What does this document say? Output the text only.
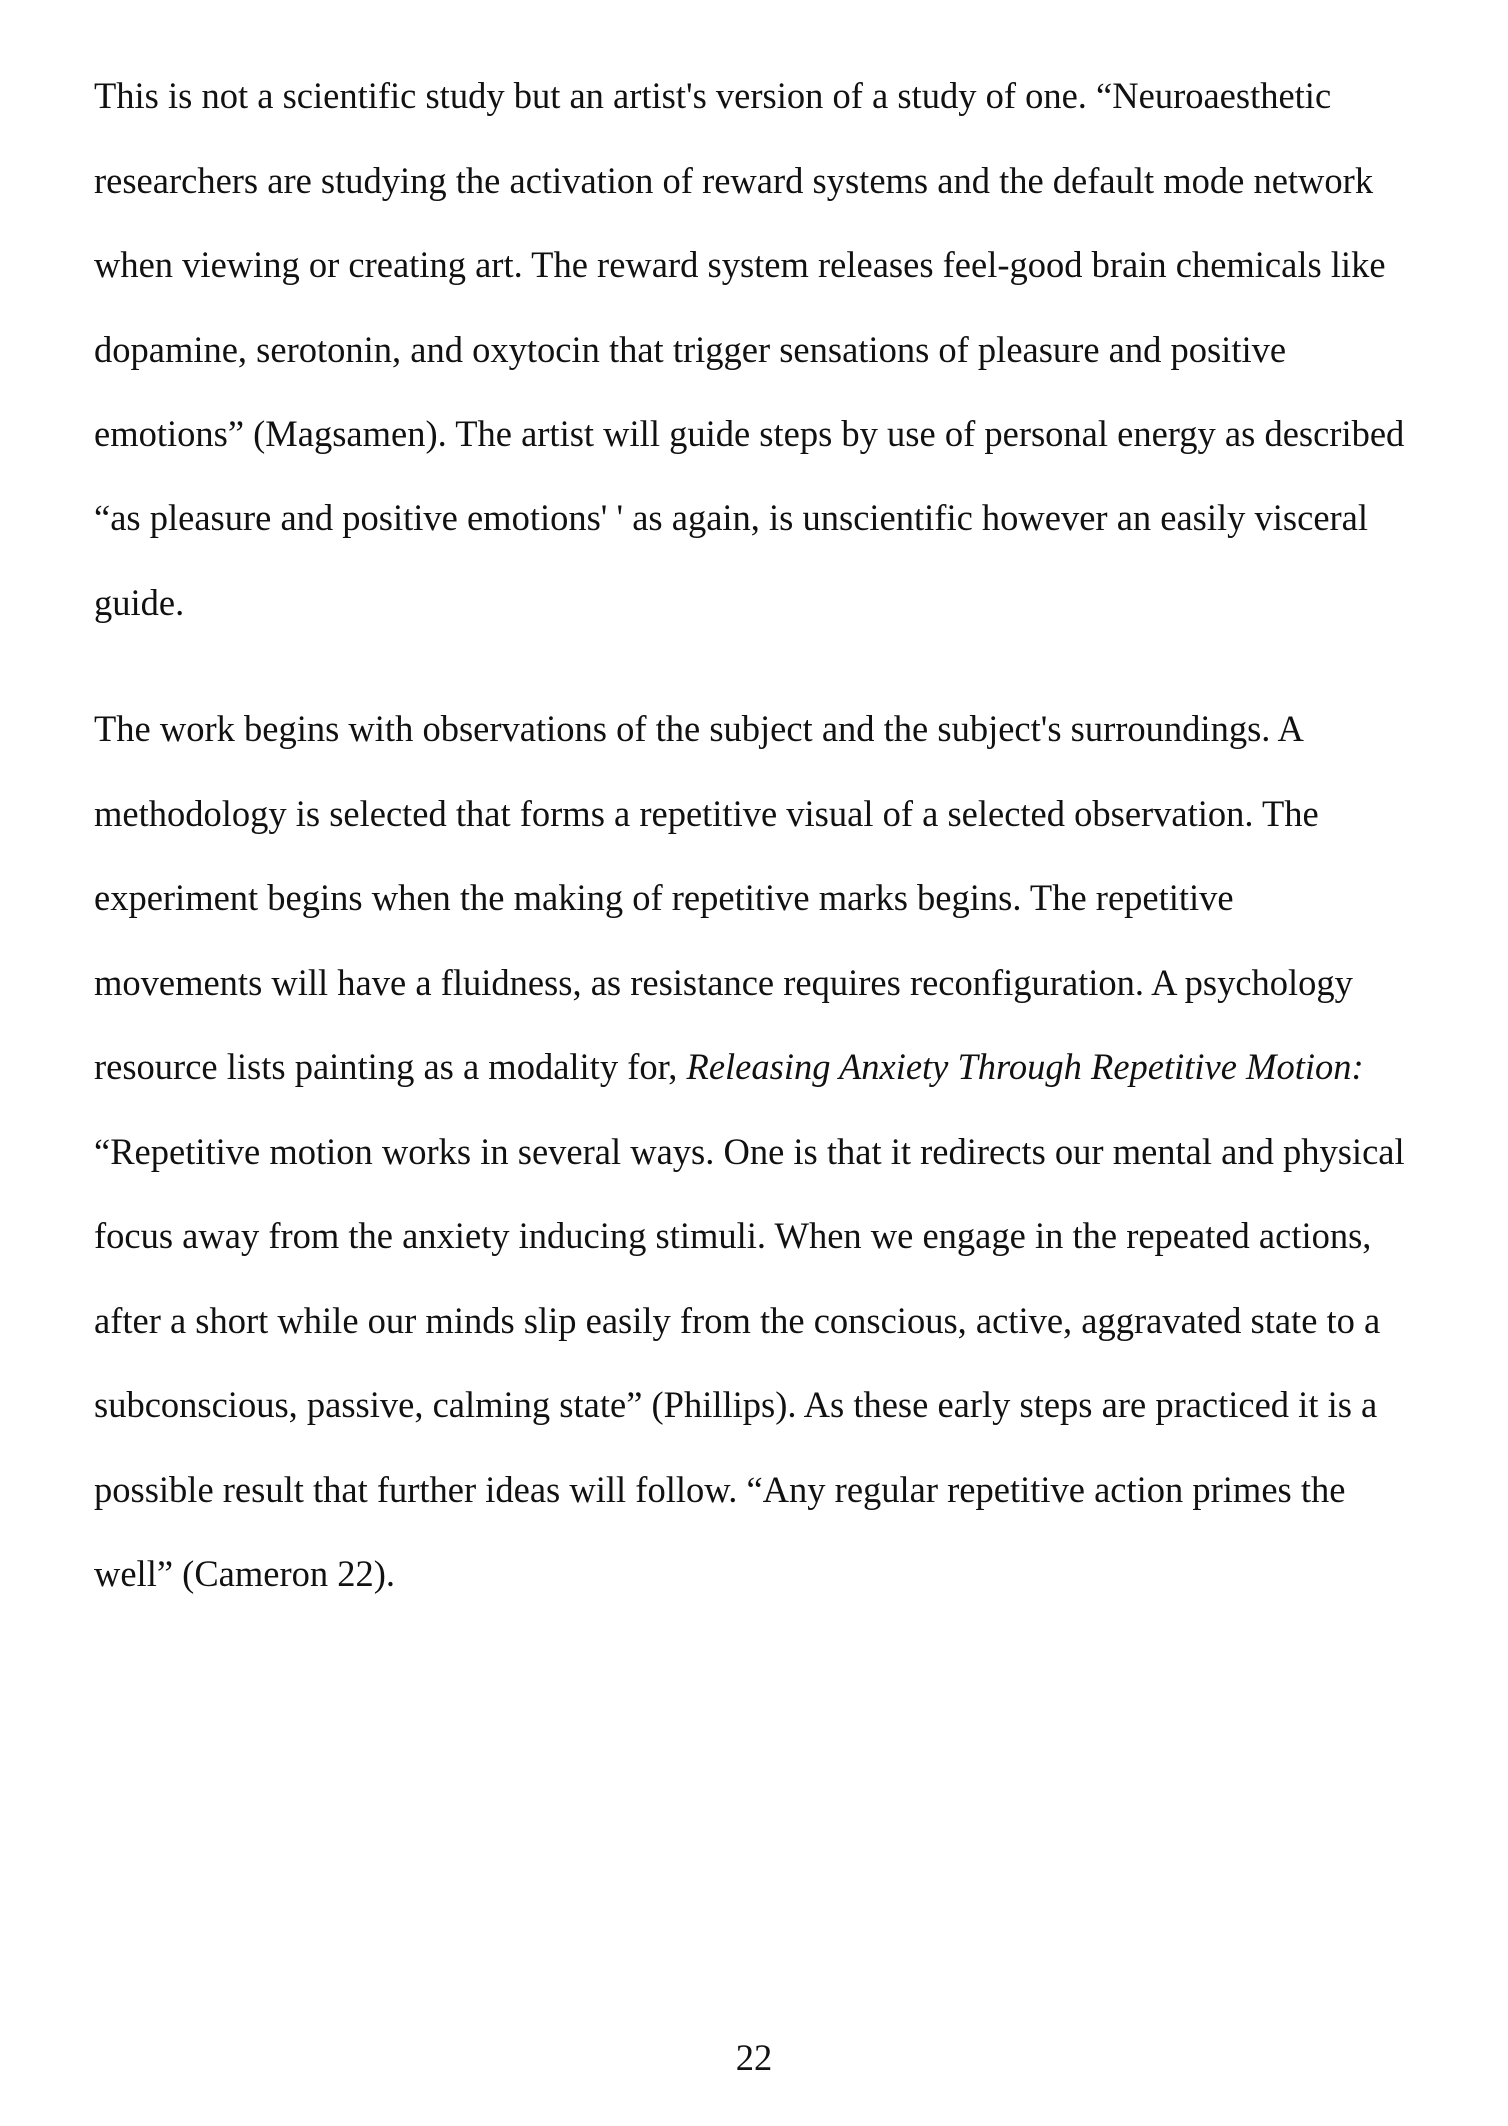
This is not a scientific study but an artist's version of a study of one. “Neuroaesthetic

researchers are studying the activation of reward systems and the default mode network

when viewing or creating art. The reward system releases feel-good brain chemicals like

dopamine, serotonin, and oxytocin that trigger sensations of pleasure and positive

emotions” (Magsamen). The artist will guide steps by use of personal energy as described

“as pleasure and positive emotions' ' as again, is unscientific however an easily visceral

guide.

The work begins with observations of the subject and the subject's surroundings. A

methodology is selected that forms a repetitive visual of a selected observation. The

experiment begins when the making of repetitive marks begins. The repetitive

movements will have a fluidness, as resistance requires reconfiguration. A psychology

resource lists painting as a modality for, Releasing Anxiety Through Repetitive Motion:

“Repetitive motion works in several ways. One is that it redirects our mental and physical

focus away from the anxiety inducing stimuli. When we engage in the repeated actions,

after a short while our minds slip easily from the conscious, active, aggravated state to a

subconscious, passive, calming state” (Phillips). As these early steps are practiced it is a

possible result that further ideas will follow. “Any regular repetitive action primes the

well” (Cameron 22).

22
